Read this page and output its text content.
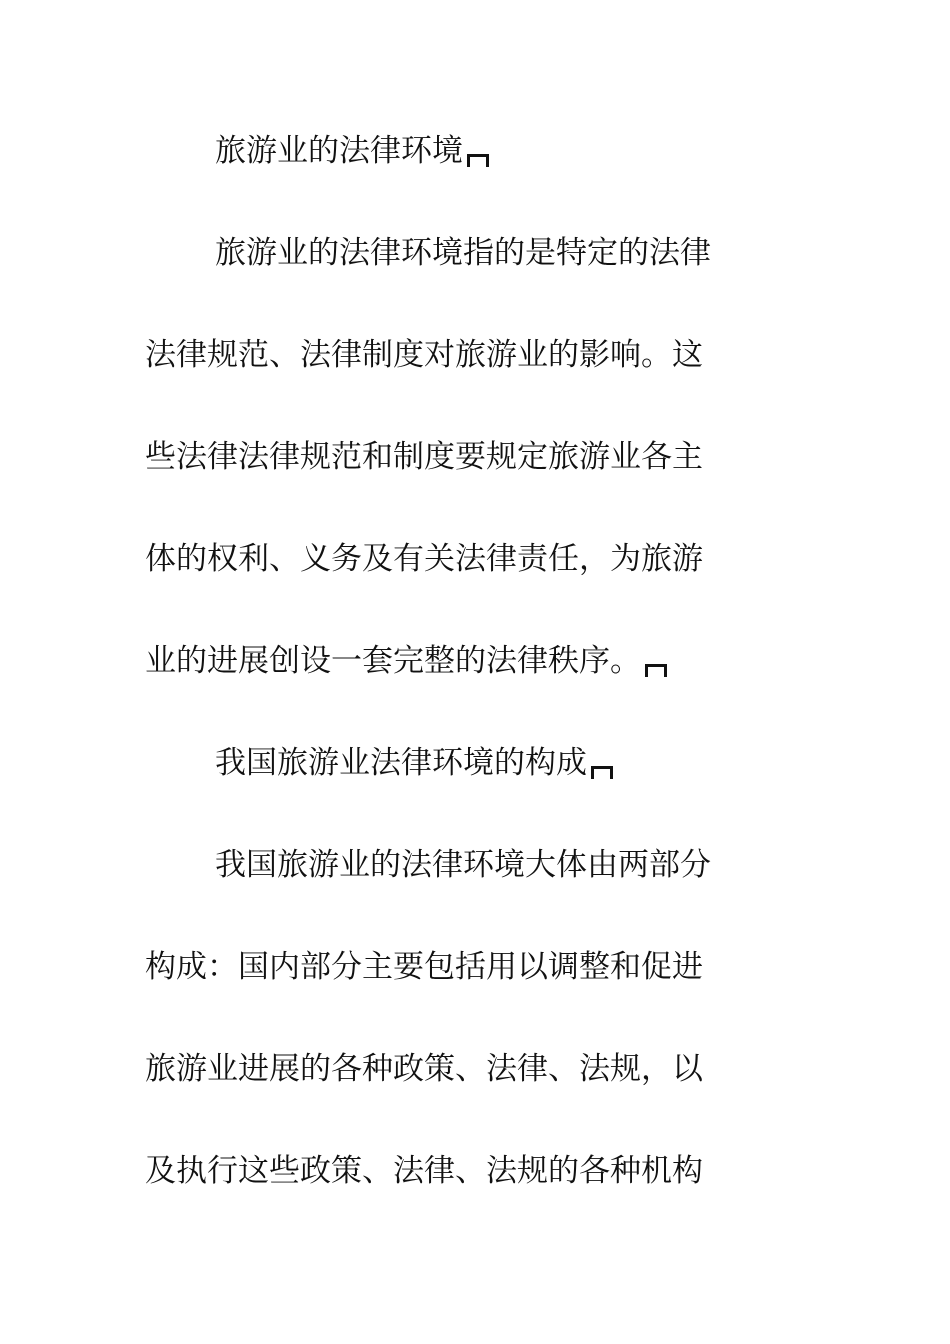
旅游业的法律环境
旅游业的法律环境指的是特定的法律
法律规范、法律制度对旅游业的影响。这
些法律法律规范和制度要规定旅游业各主
体的权利、义务及有关法律责任，为旅游
业的进展创设一套完整的法律秩序。
我国旅游业法律环境的构成
我国旅游业的法律环境大体由两部分
构成：国内部分主要包括用以调整和促进
旅游业进展的各种政策、法律、法规，以
及执行这些政策、法律、法规的各种机构
